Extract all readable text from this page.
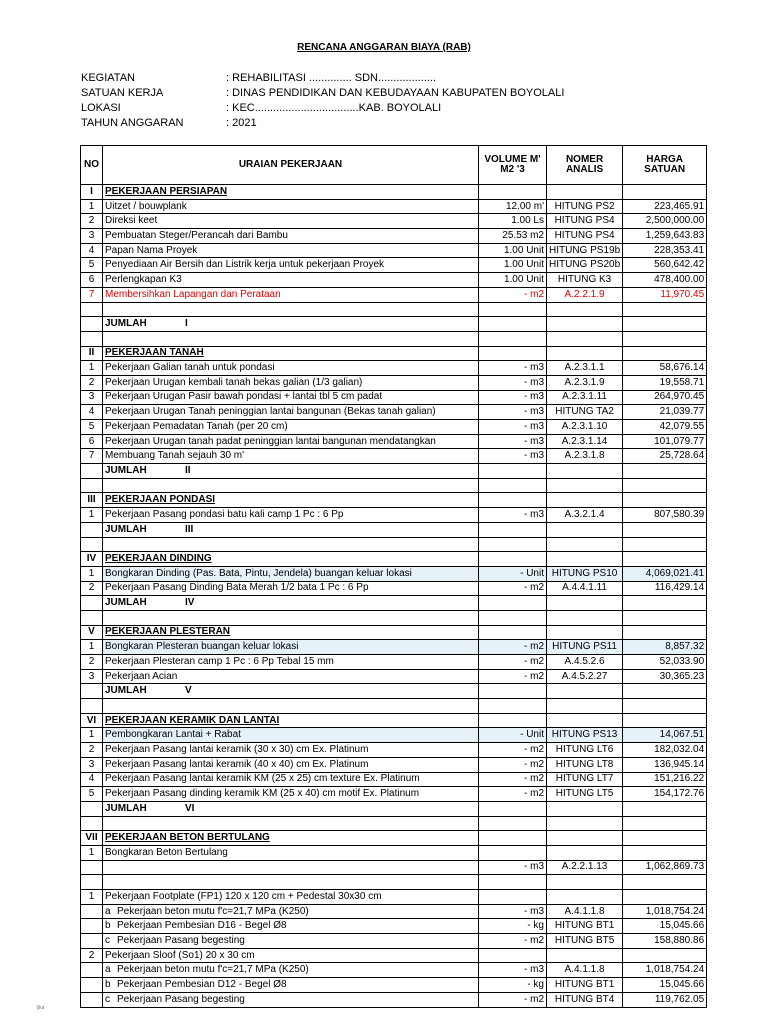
RENCANA ANGGARAN BIAYA (RAB)
KEGIATAN	: REHABILITASI .............. SDN...................
SATUAN KERJA	: DINAS PENDIDIKAN DAN KEBUDAYAAN KABUPATEN BOYOLALI
LOKASI	: KEC..................................KAB. BOYOLALI
TAHUN ANGGARAN	: 2021
NO	URAIAN PEKERJAAN	VOLUME M' M2 '3	NOMER ANALIS	HARGA SATUAN
I	PEKERJAAN PERSIAPAN			
1	Uitzet / bouwplank	12.00 m'	HITUNG PS2	223,465.91
2	Direksi keet	1.00 Ls	HITUNG PS4	2,500,000.00
3	Pembuatan Steger/Perancah dari Bambu	25.53 m2	HITUNG PS4	1,259,643.83
4	Papan Nama Proyek	1.00 Unit	HITUNG PS19b	228,353.41
5	Penyediaan Air Bersih dan Listrik kerja untuk pekerjaan Proyek	1.00 Unit	HITUNG PS20b	560,642.42
6	Perlengkapan K3	1.00 Unit	HITUNG K3	478,400.00
7	Membersihkan Lapangan dan Perataan	- m2	A.2.2.1.9	11,970.45

	JUMLAH I			

II	PEKERJAAN TANAH			
1	Pekerjaan Galian tanah untuk pondasi	- m3	A.2.3.1.1	58,676.14
2	Pekerjaan Urugan kembali tanah bekas galian (1/3 galian)	- m3	A.2.3.1.9	19,558.71
3	Pekerjaan Urugan Pasir bawah pondasi + lantai tbl 5 cm padat	- m3	A.2.3.1.11	264,970.45
4	Pekerjaan Urugan Tanah peninggian lantai bangunan (Bekas tanah galian)	- m3	HITUNG TA2	21,039.77
5	Pekerjaan Pemadatan Tanah (per 20 cm)	- m3	A.2.3.1.10	42,079.55
6	Pekerjaan Urugan tanah padat peninggian lantai bangunan mendatangkan	- m3	A.2.3.1.14	101,079.77
7	Membuang Tanah sejauh 30 m'	- m3	A.2.3.1.8	25,728.64
	JUMLAH II			

III	PEKERJAAN PONDASI			
1	Pekerjaan Pasang pondasi batu kali camp 1 Pc : 6 Pp	- m3	A.3.2.1.4	807,580.39
	JUMLAH III			

IV	PEKERJAAN DINDING			
1	Bongkaran Dinding (Pas. Bata, Pintu, Jendela) buangan keluar lokasi	- Unit	HITUNG PS10	4,069,021.41
2	Pekerjaan Pasang Dinding Bata Merah 1/2 bata 1 Pc : 6 Pp	- m2	A.4.4.1.11	116,429.14
	JUMLAH IV			

V	PEKERJAAN PLESTERAN			
1	Bongkaran Plesteran buangan keluar lokasi	- m2	HITUNG PS11	8,857.32
2	Pekerjaan Plesteran camp 1 Pc : 6 Pp Tebal 15 mm	- m2	A.4.5.2.6	52,033.90
3	Pekerjaan Acian	- m2	A.4.5.2.27	30,365.23
	JUMLAH V			

VI	PEKERJAAN KERAMIK DAN LANTAI			
1	Pembongkaran Lantai + Rabat	- Unit	HITUNG PS13	14,067.51
2	Pekerjaan Pasang lantai keramik (30 x 30) cm Ex. Platinum	- m2	HITUNG LT6	182,032.04
3	Pekerjaan Pasang lantai keramik (40 x 40) cm Ex. Platinum	- m2	HITUNG LT8	136,945.14
4	Pekerjaan Pasang lantai keramik KM (25 x 25) cm texture Ex. Platinum	- m2	HITUNG LT7	151,216.22
5	Pekerjaan Pasang dinding keramik KM (25 x 40) cm motif Ex. Platinum	- m2	HITUNG LT5	154,172.76
	JUMLAH VI			

VII	PEKERJAAN BETON BERTULANG			
1	Bongkaran Beton Bertulang			
		- m3	A.2.2.1.13	1,062,869.73

1	Pekerjaan Footplate (FP1) 120 x 120 cm + Pedestal 30x30 cm			
	a Pekerjaan beton mutu f'c=21,7 MPa (K250)	- m3	A.4.1.1.8	1,018,754.24
	b Pekerjaan Pembesian D16 - Begel Ø8	- kg	HITUNG BT1	15,045.66
	c Pekerjaan Pasang begesting	- m2	HITUNG BT5	158,880.86
2	Pekerjaan Sloof (So1) 20 x 30 cm			
	a Pekerjaan beton mutu f'c=21,7 MPa (K250)	- m3	A.4.1.1.8	1,018,754.24
	b Pekerjaan Pembesian D12 - Begel Ø8	- kg	HITUNG BT1	15,045.66
	c Pekerjaan Pasang begesting	- m2	HITUNG BT4	119,762.05
'jika'
